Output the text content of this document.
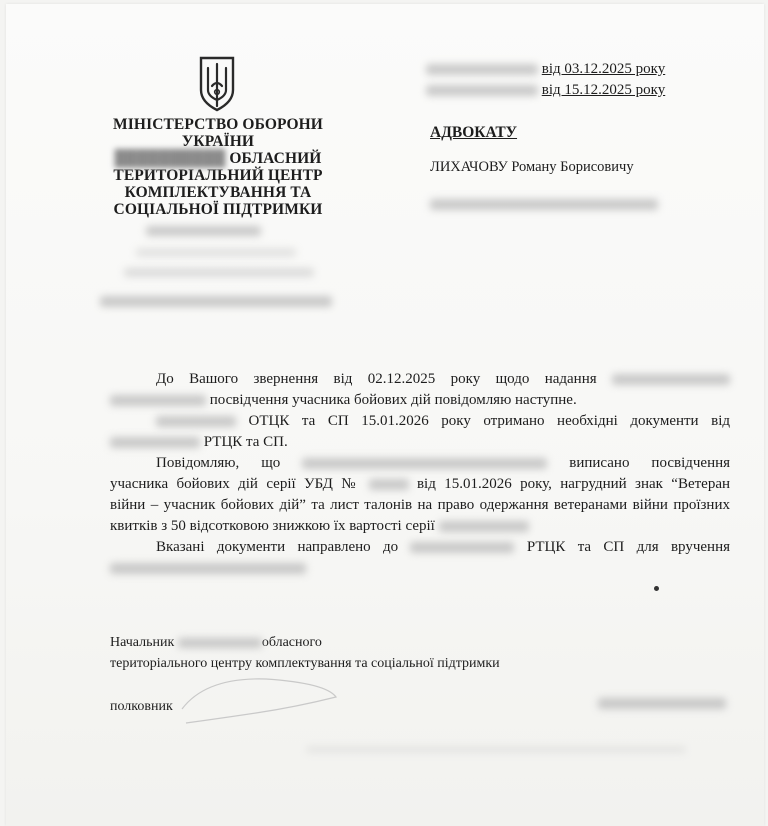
МІНІСТЕРСТВО ОБОРОНИ
УКРАЇНИ
██████████ ОБЛАСНИЙ
ТЕРИТОРІАЛЬНИЙ ЦЕНТР
КОМПЛЕКТУВАННЯ ТА
СОЦІАЛЬНОЇ ПІДТРИМКИ
від 03.12.2025 року
від 15.12.2025 року
АДВОКАТУ
ЛИХАЧОВУ Роману Борисовичу

До Вашого звернення від 02.12.2025 року щодо надання

посвідчення учасника бойових дій повідомляю наступне.

ОТЦК та СП 15.01.2026 року отримано необхідні документи від

РТЦК та СП.

Повідомляю, що	виписано посвідчення

учасника бойових дій серії УБД №	від 15.01.2026 року, нагрудний знак “Ветеран

війни – учасник бойових дій” та лист талонів на право одержання ветеранами війни проїзних

квитків з 50 відсотковою знижкою їх вартості серії

Вказані документи направлено до	РТЦК та СП для вручення

Начальник	обласного
територіального центру комплектування та соціальної підтримки
полковник
